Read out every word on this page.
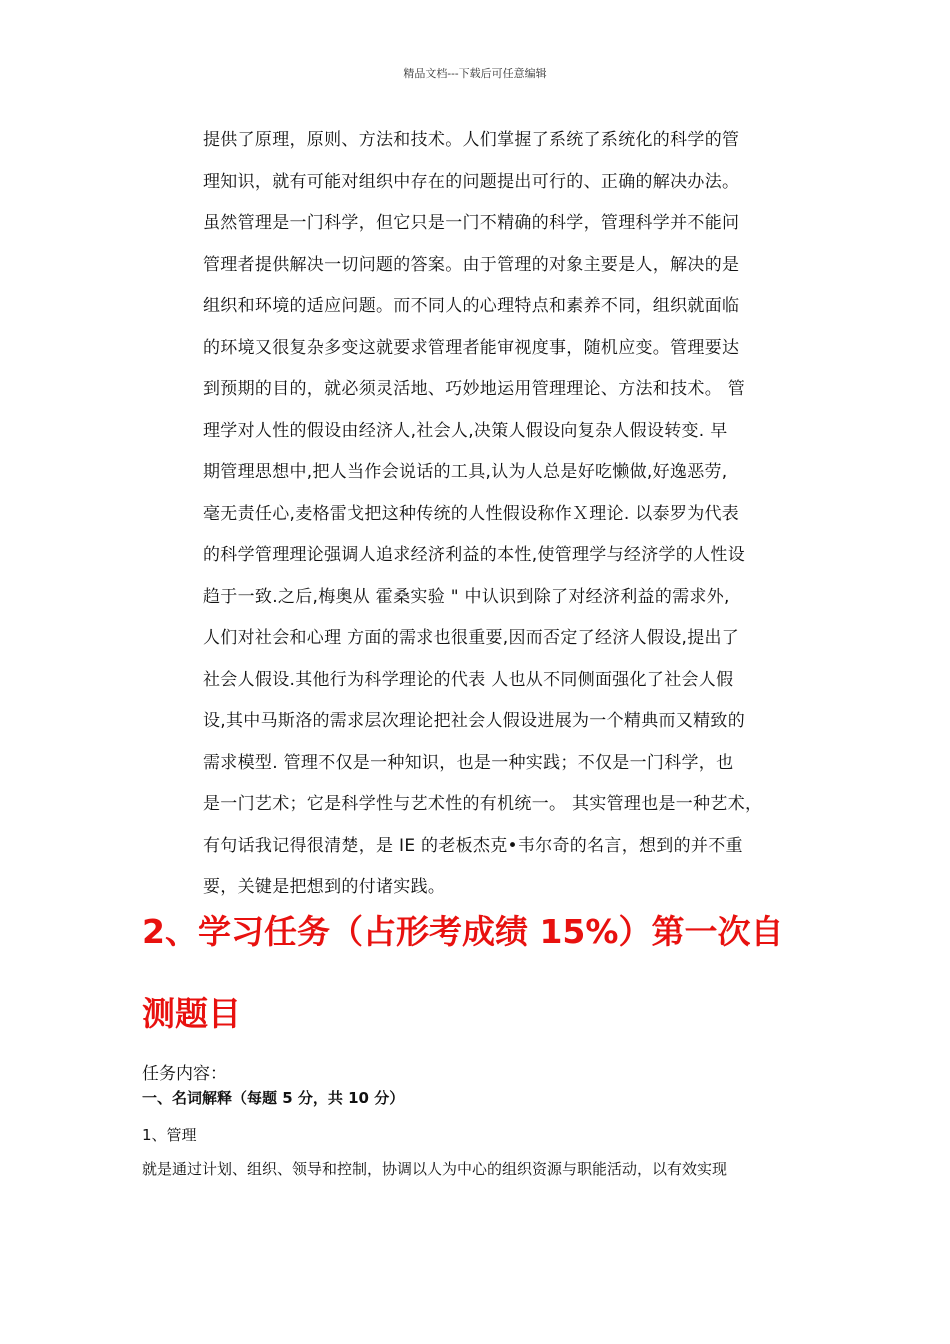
精品文档---下载后可任意编辑
提供了原理，原则、方法和技术。人们掌握了系统了系统化的科学的管
理知识，就有可能对组织中存在的问题提出可行的、正确的解决办法。
虽然管理是一门科学，但它只是一门不精确的科学，管理科学并不能问
管理者提供解决一切问题的答案。由于管理的对象主要是人，解决的是
组织和环境的适应问题。而不同人的心理特点和素养不同，组织就面临
的环境又很复杂多变这就要求管理者能审视度事，随机应变。管理要达
到预期的目的，就必须灵活地、巧妙地运用管理理论、方法和技术。 管
理学对人性的假设由经济人,社会人,决策人假设向复杂人假设转变. 早
期管理思想中,把人当作会说话的工具,认为人总是好吃懒做,好逸恶劳,
毫无责任心,麦格雷戈把这种传统的人性假设称作Ｘ理论. 以泰罗为代表
的科学管理理论强调人追求经济利益的本性,使管理学与经济学的人性设
趋于一致.之后,梅奥从 霍桑实验 " 中认识到除了对经济利益的需求外,
人们对社会和心理 方面的需求也很重要,因而否定了经济人假设,提出了
社会人假设.其他行为科学理论的代表 人也从不同侧面强化了社会人假
设,其中马斯洛的需求层次理论把社会人假设进展为一个精典而又精致的
需求模型. 管理不仅是一种知识，也是一种实践；不仅是一门科学，也
是一门艺术；它是科学性与艺术性的有机统一。 其实管理也是一种艺术，
有句话我记得很清楚，是 IE 的老板杰克•韦尔奇的名言，想到的并不重
要，关键是把想到的付诸实践。
2、学习任务（占形考成绩 15%）第一次自
测题目
任务内容：
一、名词解释（每题 5 分，共 10 分）
1、管理
就是通过计划、组织、领导和控制，协调以人为中心的组织资源与职能活动，以有效实现
